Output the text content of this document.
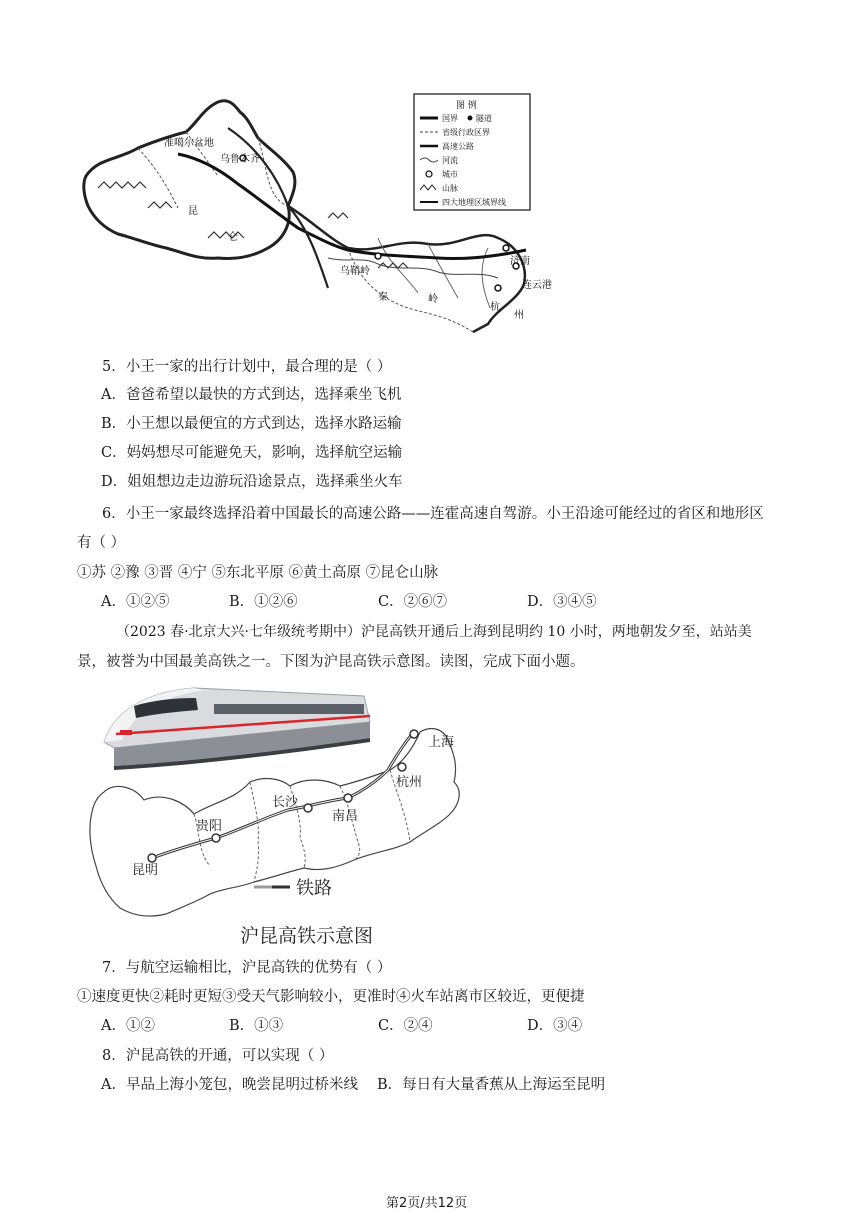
准噶尔盆地
乌鲁木齐
昆
仑
乌鞘岭
秦	岭
济南
连云港
杭
州
图 例
国界 隧道
省级行政区界
高速公路
河流
城市
山脉
四大地理区域界线
5．小王一家的出行计划中，最合理的是（ ）
A．爸爸希望以最快的方式到达，选择乘坐飞机
B．小王想以最便宜的方式到达，选择水路运输
C．妈妈想尽可能避免天，影响，选择航空运输
D．姐姐想边走边游玩沿途景点，选择乘坐火车
6．小王一家最终选择沿着中国最长的高速公路——连霍高速自驾游。小王沿途可能经过的省区和地形区
有（ ）
①苏 ②豫 ③晋 ④宁 ⑤东北平原 ⑥黄土高原 ⑦昆仑山脉
A．①②⑤	B．①②⑥	C．②⑥⑦	D．③④⑤
（2023 春·北京大兴·七年级统考期中）沪昆高铁开通后上海到昆明约 10 小时，两地朝发夕至，站站美
景，被誉为中国最美高铁之一。下图为沪昆高铁示意图。读图，完成下面小题。
上海
杭州
南昌
长沙
贵阳
昆明
铁路
沪昆高铁示意图
7．与航空运输相比，沪昆高铁的优势有（ ）
①速度更快②耗时更短③受天气影响较小，更准时④火车站离市区较近，更便捷
A．①②	B．①③	C．②④	D．③④
8．沪昆高铁的开通，可以实现（ ）
A．早品上海小笼包，晚尝昆明过桥米线 B．每日有大量香蕉从上海运至昆明
第2页/共12页
